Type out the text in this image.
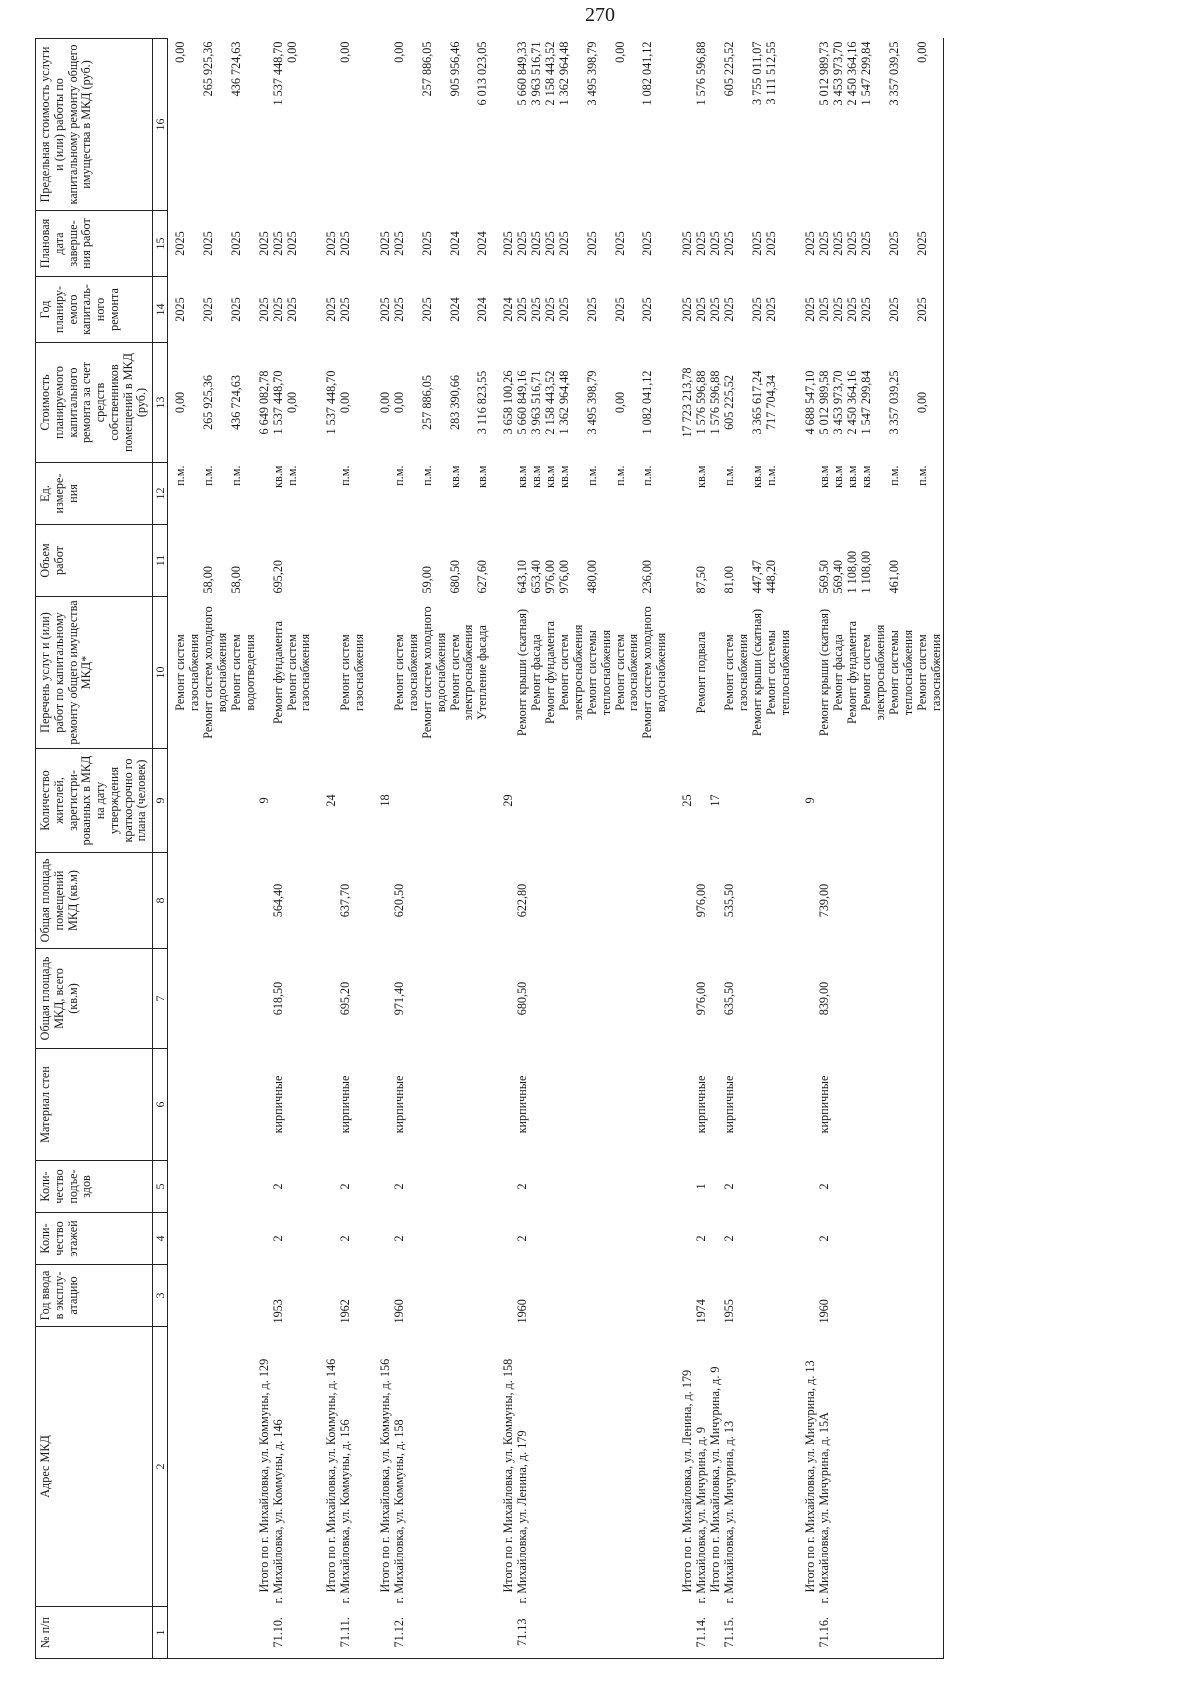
270
№ п/п	Адрес МКД	Год ввода в эксплу-атацию	Коли-чество этажей	Коли-чество подъе-здов	Материал стен	Общая площадь МКД, всего (кв.м)	Общая площадь помещений МКД (кв.м)	Количество жителей, зарегистри-рованных в МКД на дату утверждения краткосрочно го плана (человек)	Перечень услуг и (или) работ по капитальному ремонту общего имущества МКД*	Объем работ	Ед. измере-ния	Стоимость планируемого капитального ремонта за счет средств собственников помещений в МКД (руб.)	Год планиру-емого капиталь-ного ремонта	Плановая дата заверше-ния работ	Предельная стоимость услуги и (или) работы по капитальному ремонту общего имущества в МКД (руб.)
1	2	3	4	5	6	7	8	9	10	11	12	13	14	15	16
									Ремонт систем газоснабжения		п.м.	0,00	2025	2025	0,00
									Ремонт систем холодного водоснабжения	58,00	п.м.	265 925,36	2025	2025	265 925,36
									Ремонт систем водоотведения	58,00	п.м.	436 724,63	2025	2025	436 724,63
	Итого по г. Михайловка, ул. Коммуны, д. 129							9				6 649 082,78	2025	2025	
71.10.	г. Михайловка, ул. Коммуны, д. 146	1953	2	2	кирпичные	618,50	564,40		Ремонт фундамента	695,20	кв.м	1 537 448,70	2025	2025	1 537 448,70
									Ремонт систем газоснабжения		п.м.	0,00	2025	2025	0,00

	Итого по г. Михайловка, ул. Коммуны, д. 146							24				1 537 448,70	2025	2025	
71.11.	г. Михайловка, ул. Коммуны, д. 156	1962	2	2	кирпичные	695,20	637,70		Ремонт систем газоснабжения		п.м.	0,00	2025	2025	0,00

	Итого по г. Михайловка, ул. Коммуны, д. 156							18				0,00	2025	2025	
71.12.	г. Михайловка, ул. Коммуны, д. 158	1960	2	2	кирпичные	971,40	620,50		Ремонт систем газоснабжения		п.м.	0,00	2025	2025	0,00
									Ремонт систем холодного водоснабжения	59,00	п.м.	257 886,05	2025	2025	257 886,05
									Ремонт систем электроснабжения	680,50	кв.м	283 390,66	2024	2024	905 956,46
									Утепление фасада	627,60	кв.м	3 116 823,55	2024	2024	6 013 023,05

	Итого по г. Михайловка, ул. Коммуны, д. 158							29				3 658 100,26	2024	2025	
71.13	г. Михайловка, ул. Ленина, д. 179	1960	2	2	кирпичные	680,50	622,80		Ремонт крыши (скатная)	643,10	кв.м	5 660 849,16	2025	2025	5 660 849,33
									Ремонт фасада	653,40	кв.м	3 963 516,71	2025	2025	3 963 516,71
									Ремонт фундамента	976,00	кв.м	2 158 443,52	2025	2025	2 158 443,52
									Ремонт систем электроснабжения	976,00	кв.м	1 362 964,48	2025	2025	1 362 964,48
									Ремонт системы теплоснабжения	480,00	п.м.	3 495 398,79	2025	2025	3 495 398,79
									Ремонт систем газоснабжения		п.м.	0,00	2025	2025	0,00
									Ремонт систем холодного водоснабжения	236,00	п.м.	1 082 041,12	2025	2025	1 082 041,12

	Итого по г. Михайловка, ул. Ленина, д. 179							25				17 723 213,78	2025	2025	
71.14.	г. Михайловка, ул. Мичурина, д. 9	1974	2	1	кирпичные	976,00	976,00		Ремонт подвала	87,50	кв.м	1 576 596,88	2025	2025	1 576 596,88
	Итого по г. Михайловка, ул. Мичурина, д. 9							17				1 576 596,88	2025	2025	
71.15.	г. Михайловка, ул. Мичурина, д. 13	1955	2	2	кирпичные	635,50	535,50		Ремонт систем газоснабжения	81,00	п.м.	605 225,52	2025	2025	605 225,52
									Ремонт крыши (скатная)	447,47	кв.м	3 365 617,24	2025	2025	3 755 011,07
									Ремонт системы теплоснабжения	448,20	п.м.	717 704,34	2025	2025	3 111 512,55

	Итого по г. Михайловка, ул. Мичурина, д. 13							9				4 688 547,10	2025	2025	
71.16.	г. Михайловка, ул. Мичурина, д. 15А	1960	2	2	кирпичные	839,00	739,00		Ремонт крыши (скатная)	569,50	кв.м	5 012 989,58	2025	2025	5 012 989,73
									Ремонт фасада	569,40	кв.м	3 453 973,70	2025	2025	3 453 973,70
									Ремонт фундамента	1 108,00	кв.м	2 450 364,16	2025	2025	2 450 364,16
									Ремонт систем электроснабжения	1 108,00	кв.м	1 547 299,84	2025	2025	1 547 299,84
									Ремонт системы теплоснабжения	461,00	п.м.	3 357 039,25	2025	2025	3 357 039,25
									Ремонт систем газоснабжения		п.м.	0,00	2025	2025	0,00
